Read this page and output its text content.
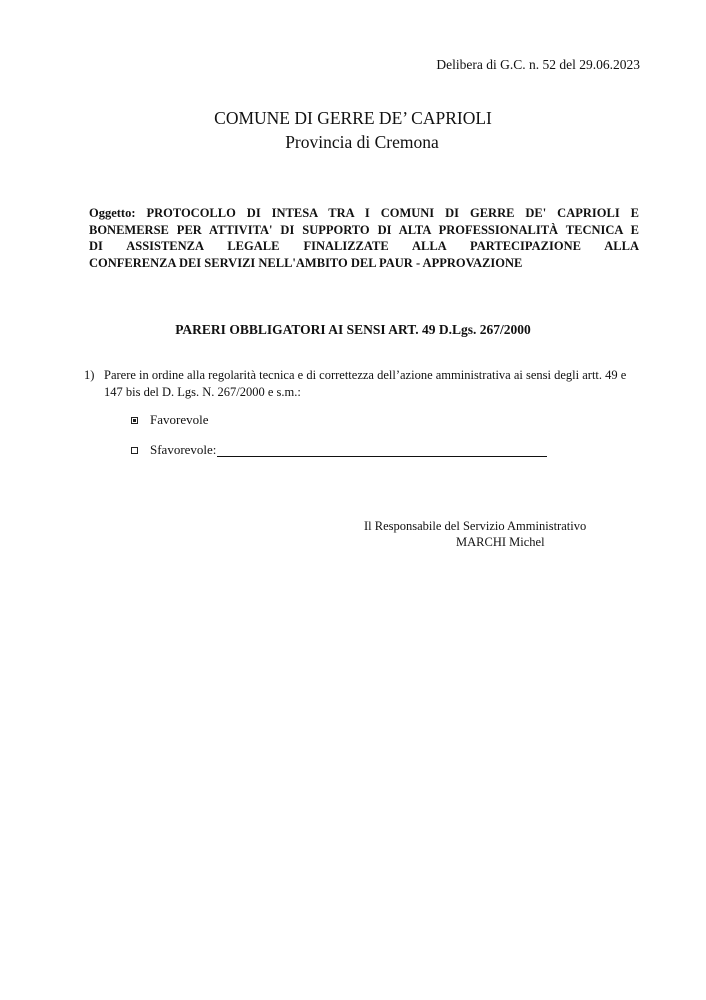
Delibera di G.C. n. 52 del 29.06.2023
COMUNE DI GERRE DE’ CAPRIOLI
Provincia di Cremona
Oggetto: PROTOCOLLO DI INTESA TRA I COMUNI DI GERRE DE' CAPRIOLI E
BONEMERSE PER ATTIVITA' DI SUPPORTO DI ALTA PROFESSIONALITÀ TECNICA E
DI ASSISTENZA LEGALE FINALIZZATE ALLA PARTECIPAZIONE ALLA
CONFERENZA DEI SERVIZI NELL'AMBITO DEL PAUR - APPROVAZIONE
PARERI OBBLIGATORI AI SENSI ART. 49 D.Lgs. 267/2000
1) Parere in ordine alla regolarità tecnica e di correttezza dell’azione amministrativa ai sensi degli artt. 49 e 147 bis del D. Lgs. N. 267/2000 e s.m.:
Favorevole
Sfavorevole:
Il Responsabile del Servizio Amministrativo
MARCHI Michel
